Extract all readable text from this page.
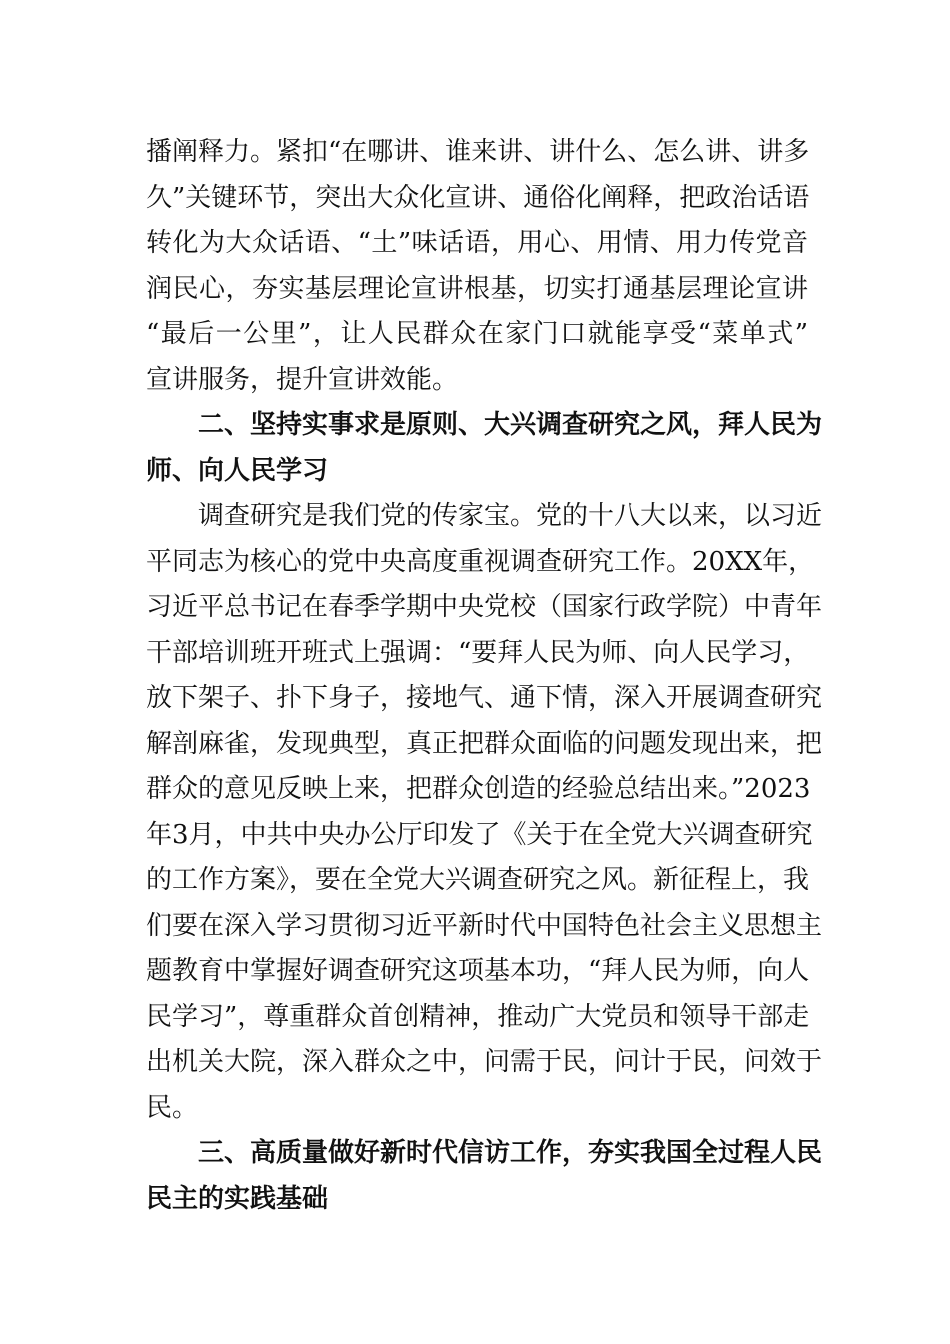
播阐释力。紧扣“在哪讲、谁来讲、讲什么、怎么讲、讲多
久”关键环节，突出大众化宣讲、通俗化阐释，把政治话语
转化为大众话语、“土”味话语，用心、用情、用力传党音
润民心，夯实基层理论宣讲根基，切实打通基层理论宣讲
“最后一公里”，让人民群众在家门口就能享受“菜单式”
宣讲服务，提升宣讲效能。
二、坚持实事求是原则、大兴调查研究之风，拜人民为
师、向人民学习
调查研究是我们党的传家宝。党的十八大以来，以习近
平同志为核心的党中央高度重视调查研究工作。20XX年，
习近平总书记在春季学期中央党校（国家行政学院）中青年
干部培训班开班式上强调：“要拜人民为师、向人民学习，
放下架子、扑下身子，接地气、通下情，深入开展调查研究
解剖麻雀，发现典型，真正把群众面临的问题发现出来，把
群众的意见反映上来，把群众创造的经验总结出来。”2023
年3月，中共中央办公厅印发了《关于在全党大兴调查研究
的工作方案》，要在全党大兴调查研究之风。新征程上，我
们要在深入学习贯彻习近平新时代中国特色社会主义思想主
题教育中掌握好调查研究这项基本功，“拜人民为师，向人
民学习”，尊重群众首创精神，推动广大党员和领导干部走
出机关大院，深入群众之中，问需于民，问计于民，问效于
民。
三、高质量做好新时代信访工作，夯实我国全过程人民
民主的实践基础
